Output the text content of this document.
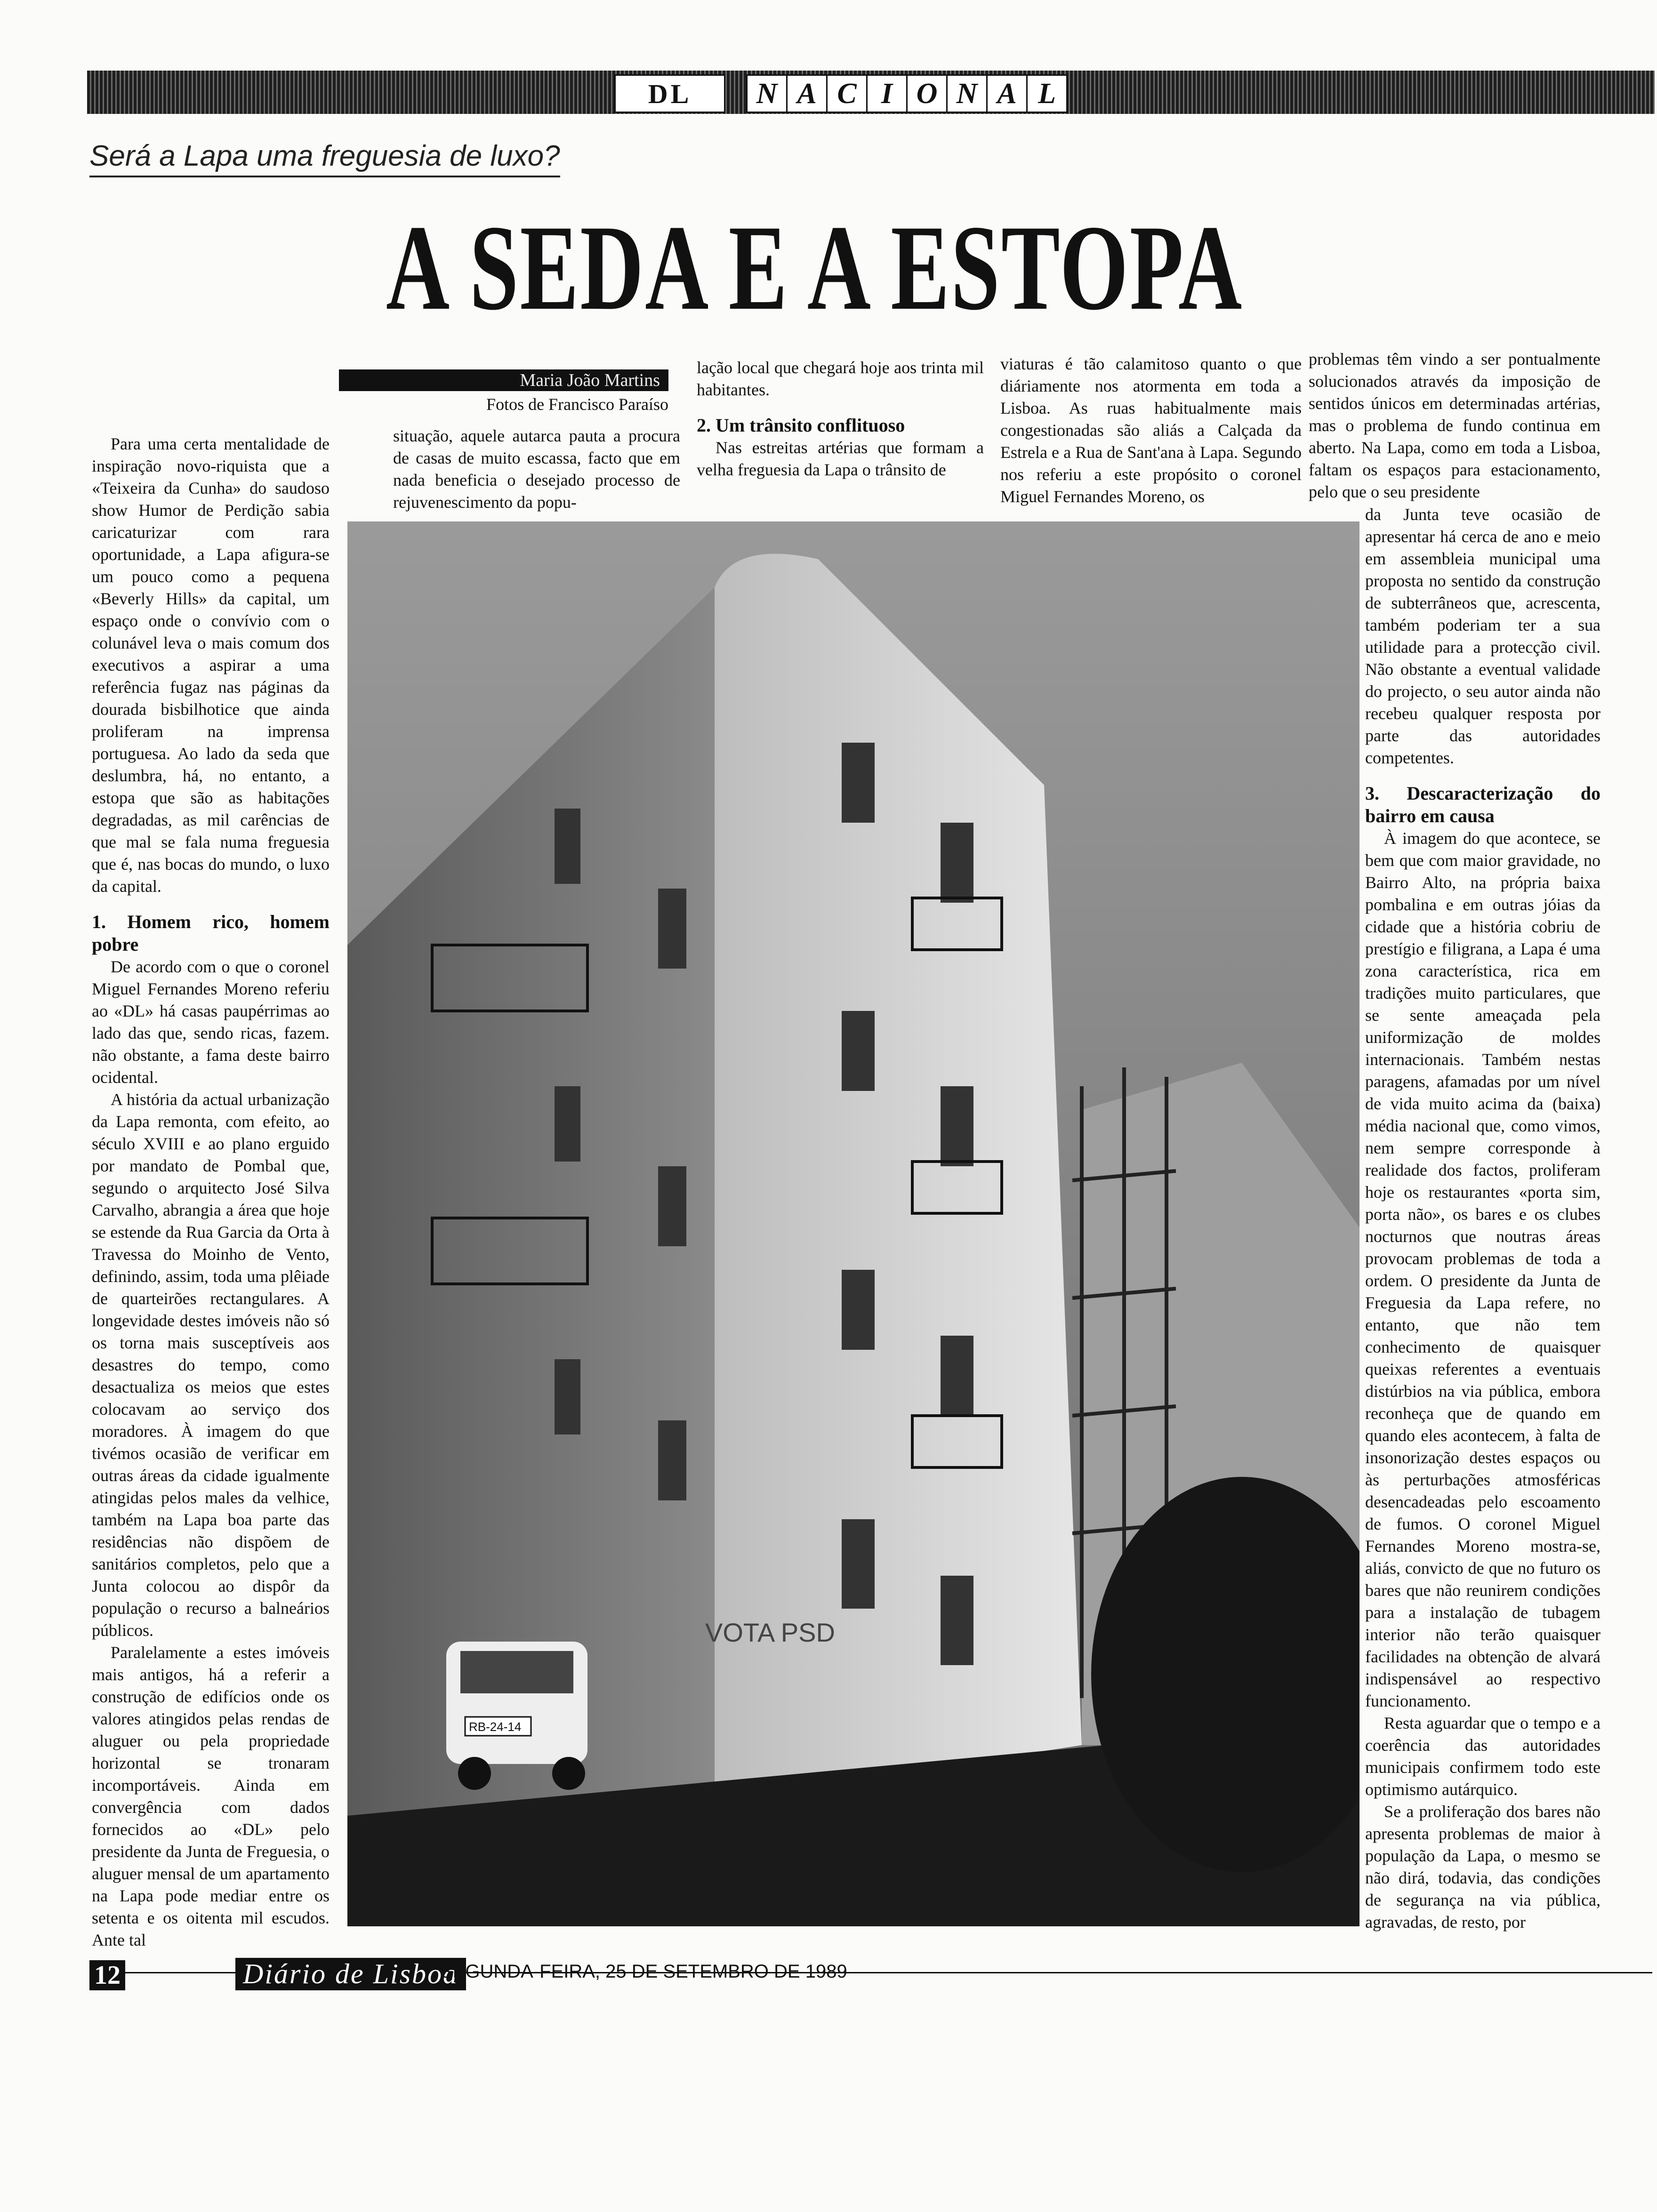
DL	N A C I O N A L
Será a Lapa uma freguesia de luxo?
A SEDA E A ESTOPA
Maria João Martins
Fotos de Francisco Paraíso

Para uma certa mentalidade de inspiração novo-riquista que a «Teixeira da Cunha» do saudoso show Humor de Perdição sabia caricaturizar com rara oportunidade, a Lapa afigura-se um pouco como a pequena «Beverly Hills» da capital, um espaço onde o convívio com o colunável leva o mais comum dos executivos a aspirar a uma referência fugaz nas páginas da dourada bisbilhotice que ainda proliferam na imprensa portuguesa. Ao lado da seda que deslumbra, há, no entanto, a estopa que são as habitações degradadas, as mil carências de que mal se fala numa freguesia que é, nas bocas do mundo, o luxo da capital.

1. Homem rico, homem pobre

De acordo com o que o coronel Miguel Fernandes Moreno referiu ao «DL» há casas paupérrimas ao lado das que, sendo ricas, fazem. não obstante, a fama deste bairro ocidental.

A história da actual urbanização da Lapa remonta, com efeito, ao século XVIII e ao plano erguido por mandato de Pombal que, segundo o arquitecto José Silva Carvalho, abrangia a área que hoje se estende da Rua Garcia da Orta à Travessa do Moinho de Vento, definindo, assim, toda uma plêiade de quarteirões rectangulares. A longevidade destes imóveis não só os torna mais susceptíveis aos desastres do tempo, como desactualiza os meios que estes colocavam ao serviço dos moradores. À imagem do que tivémos ocasião de verificar em outras áreas da cidade igualmente atingidas pelos males da velhice, também na Lapa boa parte das residências não dispõem de sanitários completos, pelo que a Junta colocou ao dispôr da população o recurso a balneários públicos.

Paralelamente a estes imóveis mais antigos, há a referir a construção de edifícios onde os valores atingidos pelas rendas de aluguer ou pela propriedade horizontal se tronaram incomportáveis. Ainda em convergência com dados fornecidos ao «DL» pelo presidente da Junta de Freguesia, o aluguer mensal de um apartamento na Lapa pode mediar entre os setenta e os oitenta mil escudos. Ante tal

situação, aquele autarca pauta a procura de casas de muito escassa, facto que em nada beneficia o desejado processo de rejuvenescimento da popu-

lação local que chegará hoje aos trinta mil habitantes.

2. Um trânsito conflituoso

Nas estreitas artérias que formam a velha freguesia da Lapa o trânsito de

viaturas é tão calamitoso quanto o que diáriamente nos atormenta em toda a Lisboa. As ruas habitualmente mais congestionadas são aliás a Calçada da Estrela e a Rua de Sant'ana à Lapa. Segundo nos referiu a este propósito o coronel Miguel Fernandes Moreno, os

problemas têm vindo a ser pontualmente solucionados através da imposição de sentidos únicos em determinadas artérias, mas o problema de fundo continua em aberto. Na Lapa, como em toda a Lisboa, faltam os espaços para estacionamento, pelo que o seu presidente

da Junta teve ocasião de apresentar há cerca de ano e meio em assembleia municipal uma proposta no sentido da construção de subterrâneos que, acrescenta, também poderiam ter a sua utilidade para a protecção civil. Não obstante a eventual validade do projecto, o seu autor ainda não recebeu qualquer resposta por parte das autoridades competentes.

3. Descaracterização do bairro em causa

À imagem do que acontece, se bem que com maior gravidade, no Bairro Alto, na própria baixa pombalina e em outras jóias da cidade que a história cobriu de prestígio e filigrana, a Lapa é uma zona característica, rica em tradições muito particulares, que se sente ameaçada pela uniformização de moldes internacionais. Também nestas paragens, afamadas por um nível de vida muito acima da (baixa) média nacional que, como vimos, nem sempre corresponde à realidade dos factos, proliferam hoje os restaurantes «porta sim, porta não», os bares e os clubes nocturnos que noutras áreas provocam problemas de toda a ordem. O presidente da Junta de Freguesia da Lapa refere, no entanto, que não tem conhecimento de quaisquer queixas referentes a eventuais distúrbios na via pública, embora reconheça que de quando em quando eles acontecem, à falta de insonorização destes espaços ou às perturbações atmosféricas desencadeadas pelo escoamento de fumos. O coronel Miguel Fernandes Moreno mostra-se, aliás, convicto de que no futuro os bares que não reunirem condições para a instalação de tubagem interior não terão quaisquer facilidades na obtenção de alvará indispensável ao respectivo funcionamento.

Resta aguardar que o tempo e a coerência das autoridades municipais confirmem todo este optimismo autárquico.

Se a proliferação dos bares não apresenta problemas de maior à população da Lapa, o mesmo se não dirá, todavia, das condições de segurança na via pública, agravadas, de resto, por

RB-24-14
VOTA PSD
12	Diário de Lisboa
SEGUNDA-FEIRA, 25 DE SETEMBRO DE 1989
